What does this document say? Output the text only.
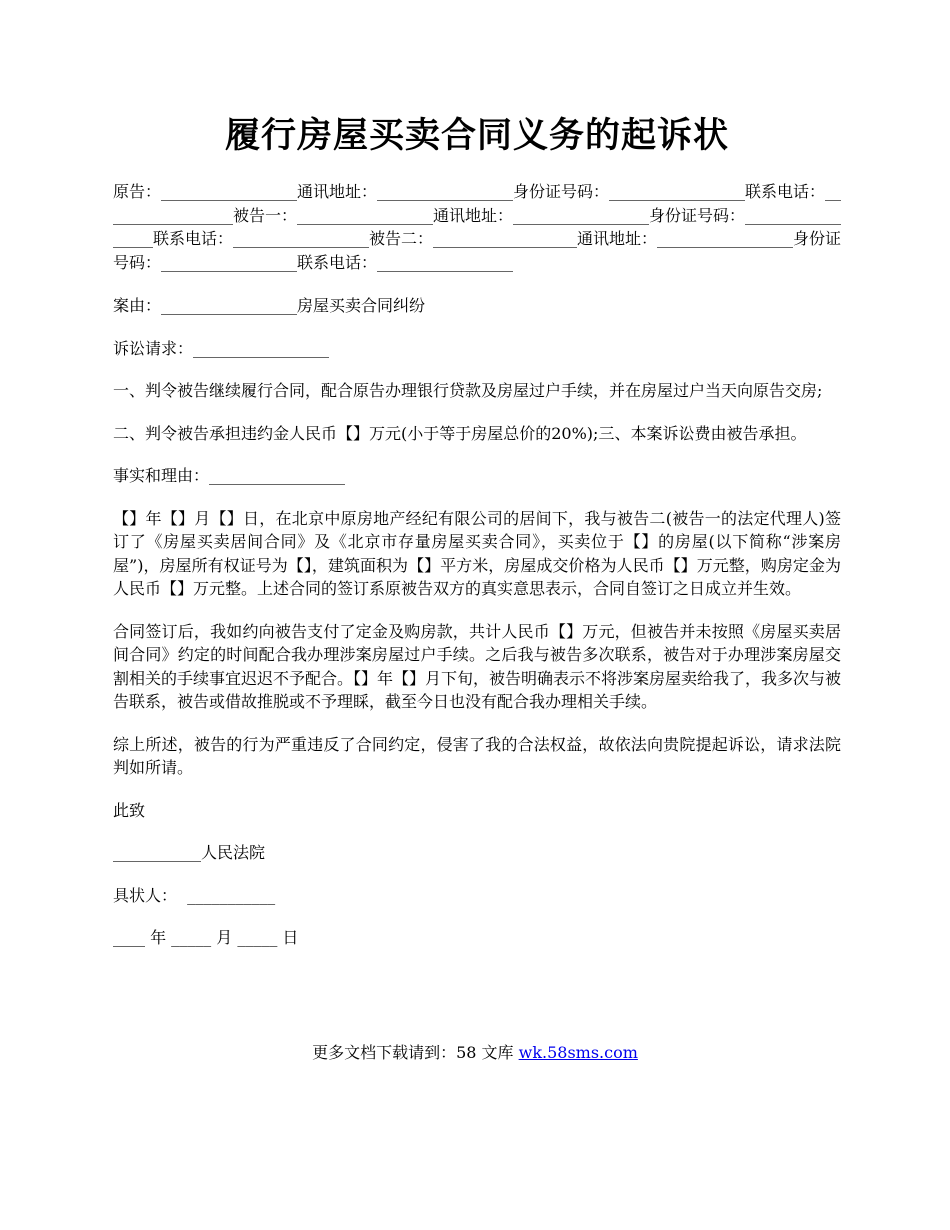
履行房屋买卖合同义务的起诉状

原告：_________________通讯地址：_________________身份证号码：_________________联系电话：_________________被告一：_________________通讯地址：_________________身份证号码：_________________联系电话：_________________被告二：__________________通讯地址：_________________身份证号码：_________________联系电话：_________________

案由：_________________房屋买卖合同纠纷

诉讼请求：_________________

一、判令被告继续履行合同，配合原告办理银行贷款及房屋过户手续，并在房屋过户当天向原告交房;

二、判令被告承担违约金人民币【】万元(小于等于房屋总价的20%);三、本案诉讼费由被告承担。

事实和理由：_________________

【】年【】月【】日，在北京中原房地产经纪有限公司的居间下，我与被告二(被告一的法定代理人)签订了《房屋买卖居间合同》及《北京市存量房屋买卖合同》，买卖位于【】的房屋(以下简称“涉案房屋”)，房屋所有权证号为【】，建筑面积为【】平方米，房屋成交价格为人民币【】万元整，购房定金为人民币【】万元整。上述合同的签订系原被告双方的真实意思表示，合同自签订之日成立并生效。

合同签订后，我如约向被告支付了定金及购房款，共计人民币【】万元，但被告并未按照《房屋买卖居间合同》约定的时间配合我办理涉案房屋过户手续。之后我与被告多次联系，被告对于办理涉案房屋交割相关的手续事宜迟迟不予配合。【】年【】月下旬，被告明确表示不将涉案房屋卖给我了，我多次与被告联系，被告或借故推脱或不予理睬，截至今日也没有配合我办理相关手续。

综上所述，被告的行为严重违反了合同约定，侵害了我的合法权益，故依法向贵院提起诉讼，请求法院判如所请。

此致

___________人民法院

具状人：  ___________

____ 年 _____ 月 _____ 日

更多文档下载请到：58 文库 wk.58sms.com
